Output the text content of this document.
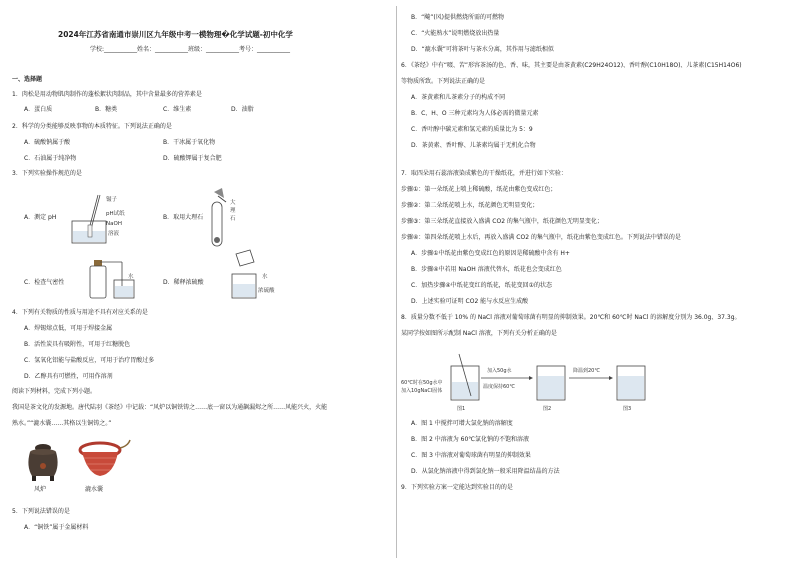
2024年江苏省南通市崇川区九年级中考一模物理�化学试题-初中化学
学校:___________姓名：___________班级：___________考号：___________
一、选择题
1．肉松是用动物肌肉制作的蓬松絮状肉制品，其中含量最多的营养素是
A．蛋白质	B．糖类	C．维生素	D．油脂
2．科学的分类能够反映事物的本质特征。下列说法正确的是
A．硫酸钠属于酸	B．干冰属于氧化物
C．石油属于纯净物	D．硫酸钾属于复合肥
3．下列实验操作规范的是
A．测定 pH
镊子
pH试纸
NaOH
溶液
B．取用大理石
大
理
石
C．检查气密性
水
D．稀释浓硫酸
水
浓硫酸
4．下列有关物质的性质与用途不具有对应关系的是
A．焊锡熔点低，可用于焊接金属
B．活性炭具有吸附性，可用于红糖脱色
C．氢氧化铝能与盐酸反应，可用于治疗胃酸过多
D．乙醇具有可燃性，可用作溶剂
阅读下列材料，完成下列小题。
我国是茶文化的发源地。唐代陆羽《茶经》中记载：“风炉以铜铁铸之……底一窗以为通飙漏烬之所……风能兴火，火能
熟水。”“漉水囊……其格以生铜铸之。”
风炉	漉水囊
5．下列说法错误的是
A．“铜铁”属于金属材料
B．“飚”(风)提供燃烧所需的可燃物
C．“火能熟水”说明燃烧放出热量
D．“漉水囊”可将茶叶与茶水分离，其作用与滤纸相似
6．《茶经》中有“啜、苦”形容茶汤的色、香、味，其主要是由茶黄素(C29H24O12)、香叶醇(C10H18O)、儿茶素(C15H14O6)
等物质所致。下列说法正确的是
A．茶黄素和儿茶素分子的构成不同
B．C、H、O 三种元素均为人体必需的微量元素
C．香叶醇中碳元素和氢元素的质量比为 5：9
D．茶黄素、香叶醇、儿茶素均属于无机化合物
7．取四朵用石蕊溶液染成紫色的干燥纸花，并进行如下实验：
步骤①：第一朵纸花上喷上稀硫酸，纸花由紫色变成红色；
步骤②：第二朵纸花喷上水，纸花颜色无明显变化；
步骤③：第三朵纸花直接放入盛满 CO2 的集气瓶中，纸花颜色无明显变化；
步骤④：第四朵纸花喷上水后，再放入盛满 CO2 的集气瓶中，纸花由紫色变成红色。下列说法中错误的是
A．步骤①中纸花由紫色变成红色的原因是稀硫酸中含有 H+
B．步骤④中若用 NaOH 溶液代替水，纸花也会变成红色
C．加热步骤④中纸花变红的纸花，纸花变回①的状态
D．上述实验可证明 CO2 能与水反应生成酸
8．质量分数不低于 10% 的 NaCl 溶液对葡萄球菌有明显的抑制效果。20℃和 60℃时 NaCl 的溶解度分别为 36.0g、37.3g。
某同学按如图所示配制 NaCl 溶液，下列有关分析正确的是
60℃时在50g水中
加入10gNaCl固体
加入50g水
温度保持60℃
降温到20℃
图1	图2	图3
A．图 1 中搅拌可增大氯化钠的溶解度
B．图 2 中溶液为 60℃氯化钠的不饱和溶液
C．图 3 中溶液对葡萄球菌有明显的抑制效果
D．从氯化钠溶液中得到氯化钠一般采用降温结晶的方法
9．下列实验方案一定能达到实验目的的是
